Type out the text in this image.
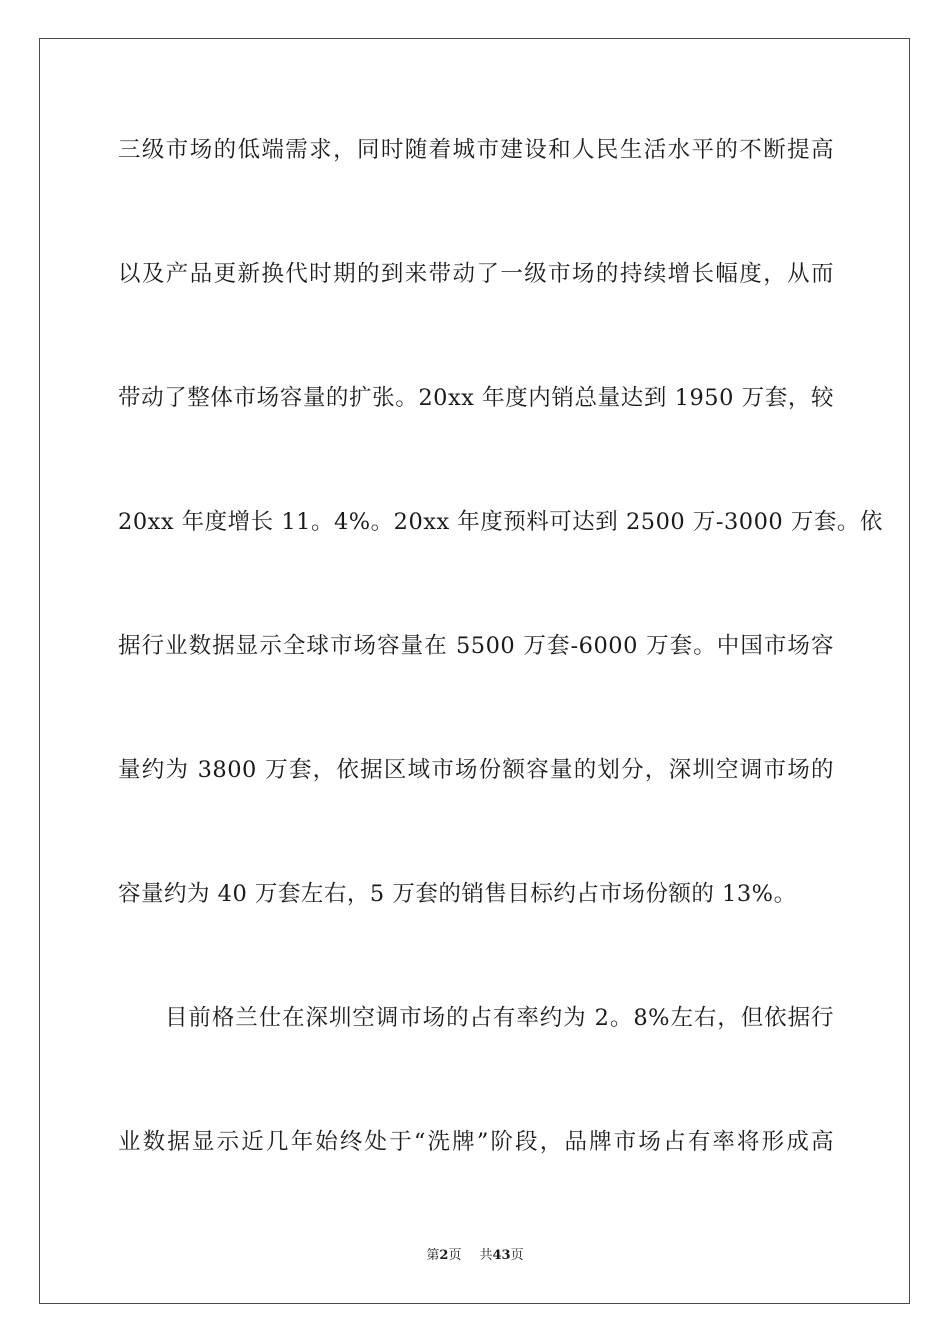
三级市场的低端需求，同时随着城市建设和人民生活水平的不断提高
以及产品更新换代时期的到来带动了一级市场的持续增长幅度，从而
带动了整体市场容量的扩张。20xx 年度内销总量达到 1950 万套，较
20xx 年度增长 11。4%。20xx 年度预料可达到 2500 万-3000 万套。依
据行业数据显示全球市场容量在 5500 万套-6000 万套。中国市场容
量约为 3800 万套，依据区域市场份额容量的划分，深圳空调市场的
容量约为 40 万套左右，5 万套的销售目标约占市场份额的 13%。
目前格兰仕在深圳空调市场的占有率约为 2。8%左右，但依据行
业数据显示近几年始终处于“洗牌”阶段，品牌市场占有率将形成高
第2页 共43页
